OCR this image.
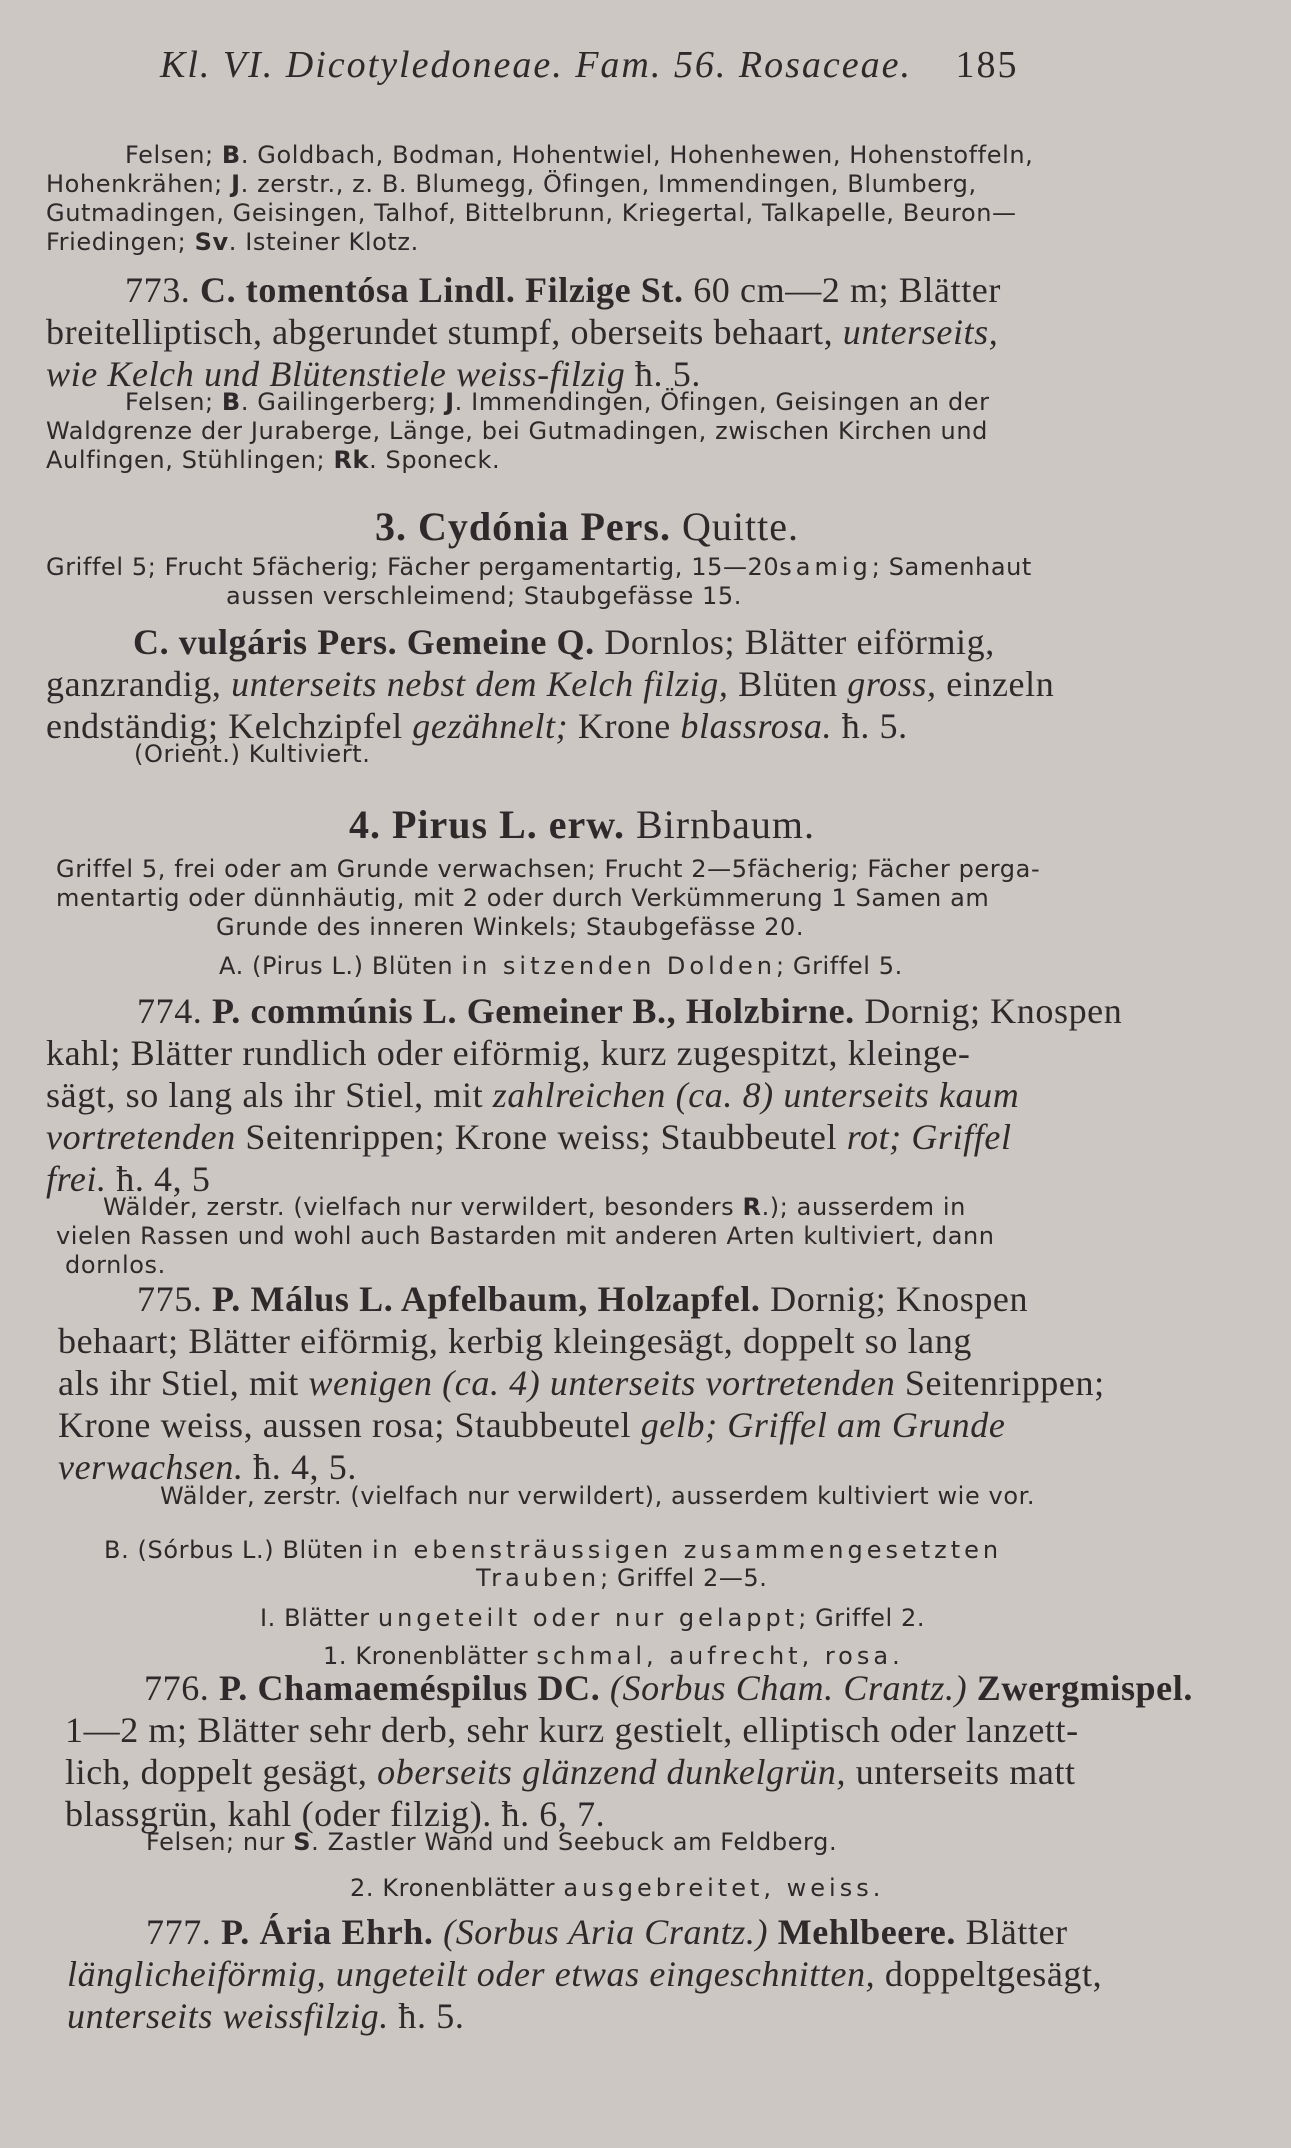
Kl. VI. Dicotyledoneae. Fam. 56. Rosaceae. 185
Felsen; B. Goldbach, Bodman, Hohentwiel, Hohenhewen, Hohenstoffeln,
Hohenkrähen; J. zerstr., z. B. Blumegg, Öfingen, Immendingen, Blumberg,
Gutmadingen, Geisingen, Talhof, Bittelbrunn, Kriegertal, Talkapelle, Beuron—
Friedingen; Sv. Isteiner Klotz.
773. C. tomentósa Lindl. Filzige St. 60 cm—2 m; Blätter
breitelliptisch, abgerundet stumpf, oberseits behaart, unterseits,
wie Kelch und Blütenstiele weiss-filzig ħ. 5.
Felsen; B. Gailingerberg; J. Immendingen, Öfingen, Geisingen an der
Waldgrenze der Juraberge, Länge, bei Gutmadingen, zwischen Kirchen und
Aulfingen, Stühlingen; Rk. Sponeck.
3. Cydónia Pers. Quitte.
Griffel 5; Frucht 5fächerig; Fächer pergamentartig, 15—20samig; Samenhaut
aussen verschleimend; Staubgefässe 15.
C. vulgáris Pers. Gemeine Q. Dornlos; Blätter eiförmig,
ganzrandig, unterseits nebst dem Kelch filzig, Blüten gross, einzeln
endständig; Kelchzipfel gezähnelt; Krone blassrosa. ħ. 5.
(Orient.) Kultiviert.
4. Pirus L. erw. Birnbaum.
Griffel 5, frei oder am Grunde verwachsen; Frucht 2—5fächerig; Fächer perga-
mentartig oder dünnhäutig, mit 2 oder durch Verkümmerung 1 Samen am
Grunde des inneren Winkels; Staubgefässe 20.
A. (Pirus L.) Blüten in sitzenden Dolden; Griffel 5.
774. P. commúnis L. Gemeiner B., Holzbirne. Dornig; Knospen
kahl; Blätter rundlich oder eiförmig, kurz zugespitzt, kleinge-
sägt, so lang als ihr Stiel, mit zahlreichen (ca. 8) unterseits kaum
vortretenden Seitenrippen; Krone weiss; Staubbeutel rot; Griffel
frei. ħ. 4, 5
Wälder, zerstr. (vielfach nur verwildert, besonders R.); ausserdem in
vielen Rassen und wohl auch Bastarden mit anderen Arten kultiviert, dann
dornlos.
775. P. Málus L. Apfelbaum, Holzapfel. Dornig; Knospen
behaart; Blätter eiförmig, kerbig kleingesägt, doppelt so lang
als ihr Stiel, mit wenigen (ca. 4) unterseits vortretenden Seitenrippen;
Krone weiss, aussen rosa; Staubbeutel gelb; Griffel am Grunde
verwachsen. ħ. 4, 5.
Wälder, zerstr. (vielfach nur verwildert), ausserdem kultiviert wie vor.
B. (Sórbus L.) Blüten in ebensträussigen zusammengesetzten
Trauben; Griffel 2—5.
I. Blätter ungeteilt oder nur gelappt; Griffel 2.
1. Kronenblätter schmal, aufrecht, rosa.
776. P. Chamaeméspilus DC. (Sorbus Cham. Crantz.) Zwergmispel.
1—2 m; Blätter sehr derb, sehr kurz gestielt, elliptisch oder lanzett-
lich, doppelt gesägt, oberseits glänzend dunkelgrün, unterseits matt
blassgrün, kahl (oder filzig). ħ. 6, 7.
Felsen; nur S. Zastler Wand und Seebuck am Feldberg.
2. Kronenblätter ausgebreitet, weiss.
777. P. Ária Ehrh. (Sorbus Aria Crantz.) Mehlbeere. Blätter
länglicheiförmig, ungeteilt oder etwas eingeschnitten, doppeltgesägt,
unterseits weissfilzig. ħ. 5.
